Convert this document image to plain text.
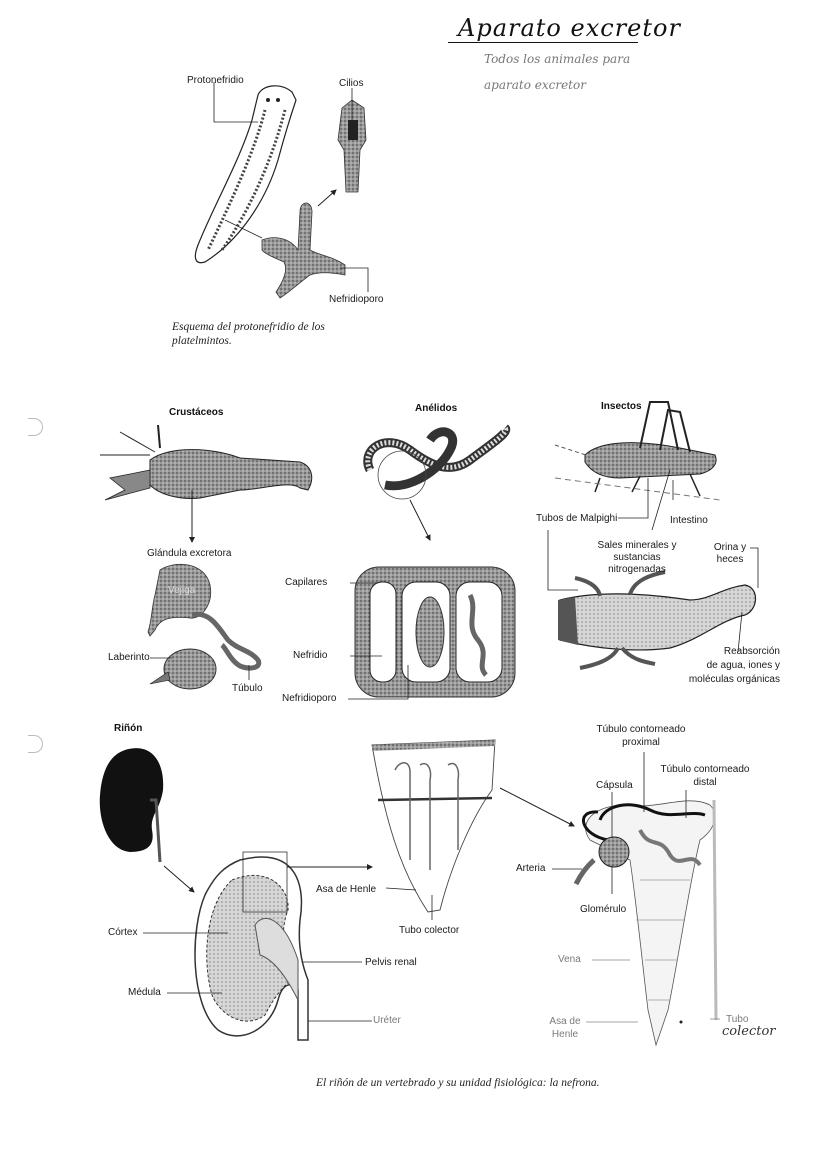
Aparato excretor
Todos los animales para
aparato excretor
Protonefridio	Cilios
Nefridioporo
Esquema del protonefridio de los
platelmintos.
Crustáceos
Glándula excretora
Vejiga
Laberinto
Túbulo
Anélidos
Capilares
Nefridio
Nefridioporo
Insectos
Tubos de Malpighi	Intestino
Sales minerales y
sustancias
nitrogenadas
Orina y
heces
Reabsorción
de agua, iones y
moléculas orgánicas
Riñón
Córtex
Médula
Asa de Henle
Tubo colector
Pelvis renal
Uréter
Túbulo contorneado
proximal
Túbulo contorneado
distal
Cápsula
Arteria
Glomérulo
Vena
Asa de
Henle
Tubo
colector
El riñón de un vertebrado y su unidad fisiológica: la nefrona.
